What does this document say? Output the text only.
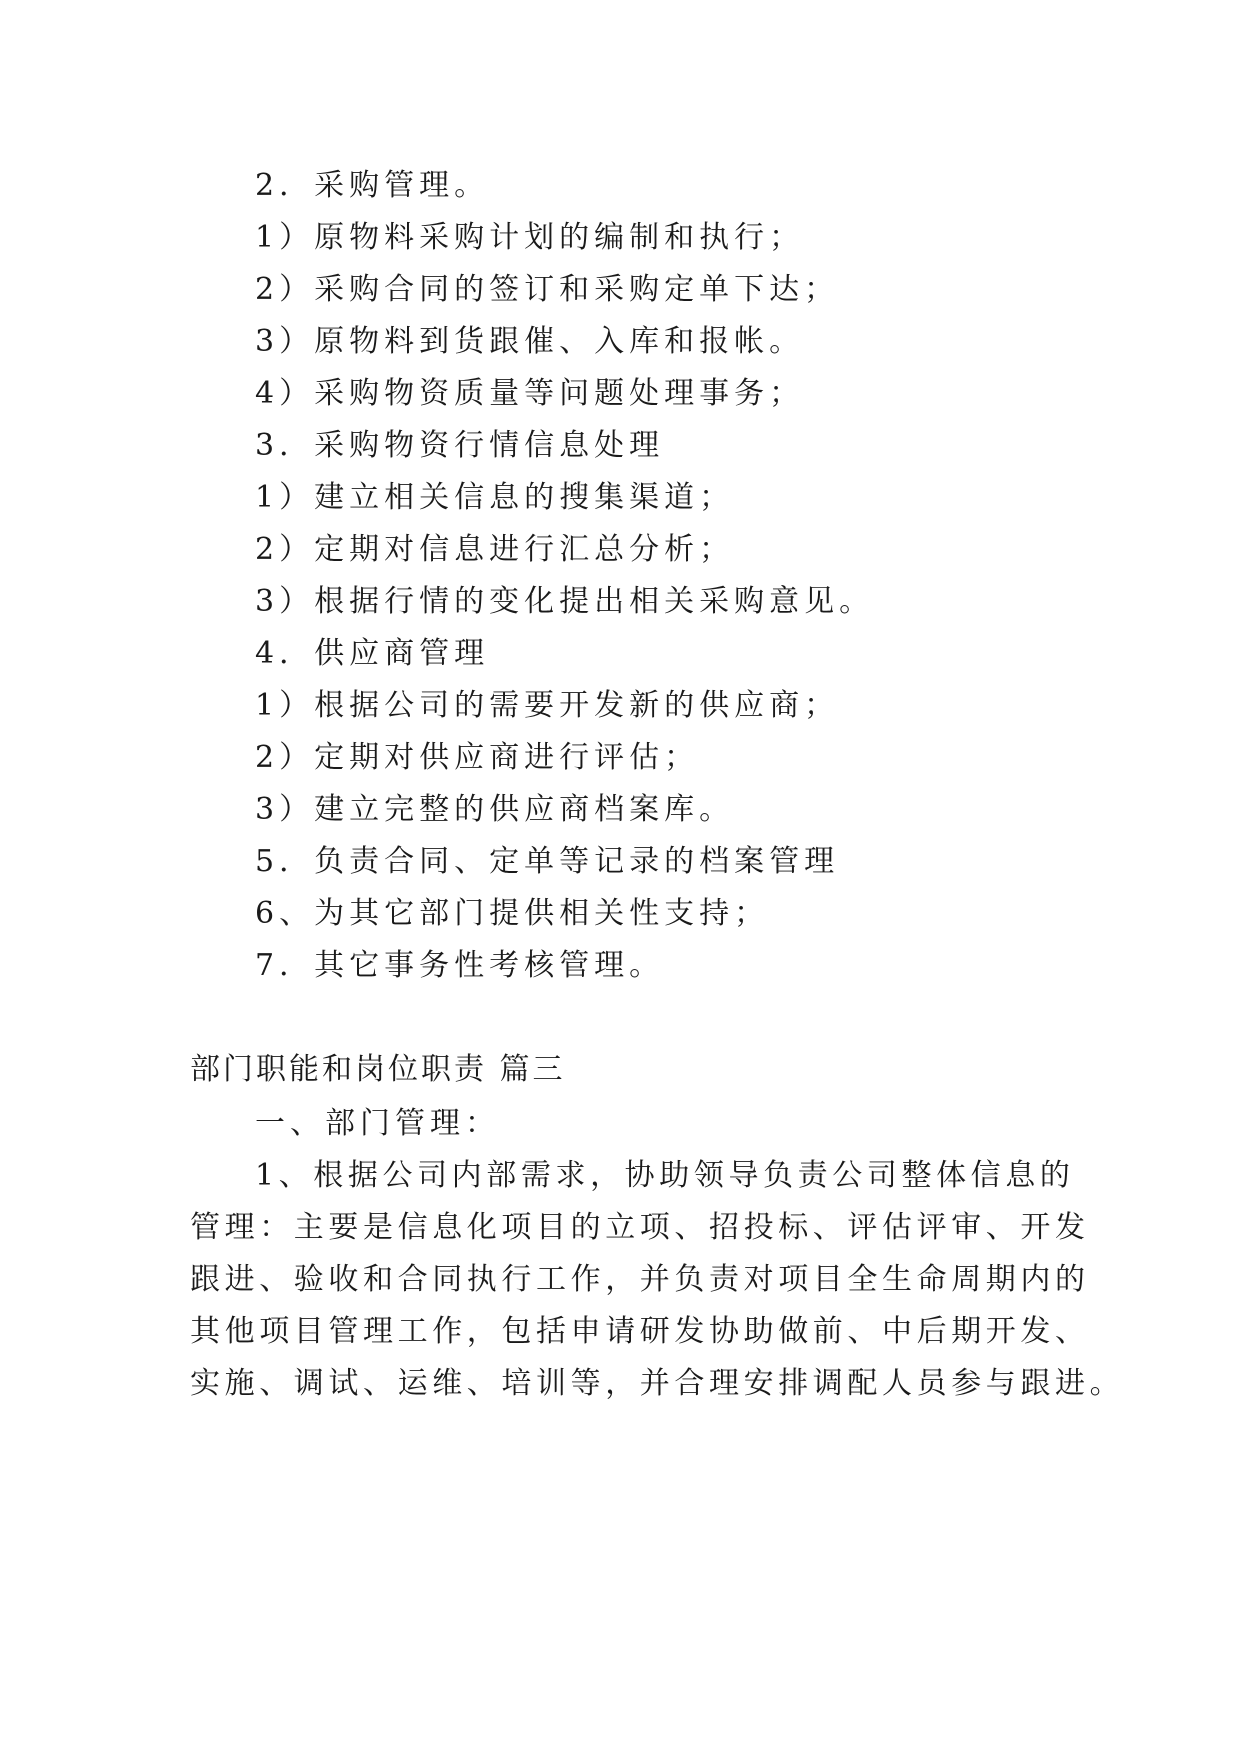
2．采购管理。
1）原物料采购计划的编制和执行；
2）采购合同的签订和采购定单下达；
3）原物料到货跟催、入库和报帐。
4）采购物资质量等问题处理事务；
3．采购物资行情信息处理
1）建立相关信息的搜集渠道；
2）定期对信息进行汇总分析；
3）根据行情的变化提出相关采购意见。
4．供应商管理
1）根据公司的需要开发新的供应商；
2）定期对供应商进行评估；
3）建立完整的供应商档案库。
5．负责合同、定单等记录的档案管理
6、为其它部门提供相关性支持；
7．其它事务性考核管理。
部门职能和岗位职责 篇三
一、部门管理：
1、根据公司内部需求，协助领导负责公司整体信息的
管理：主要是信息化项目的立项、招投标、评估评审、开发
跟进、验收和合同执行工作，并负责对项目全生命周期内的
其他项目管理工作，包括申请研发协助做前、中后期开发、
实施、调试、运维、培训等，并合理安排调配人员参与跟进。
